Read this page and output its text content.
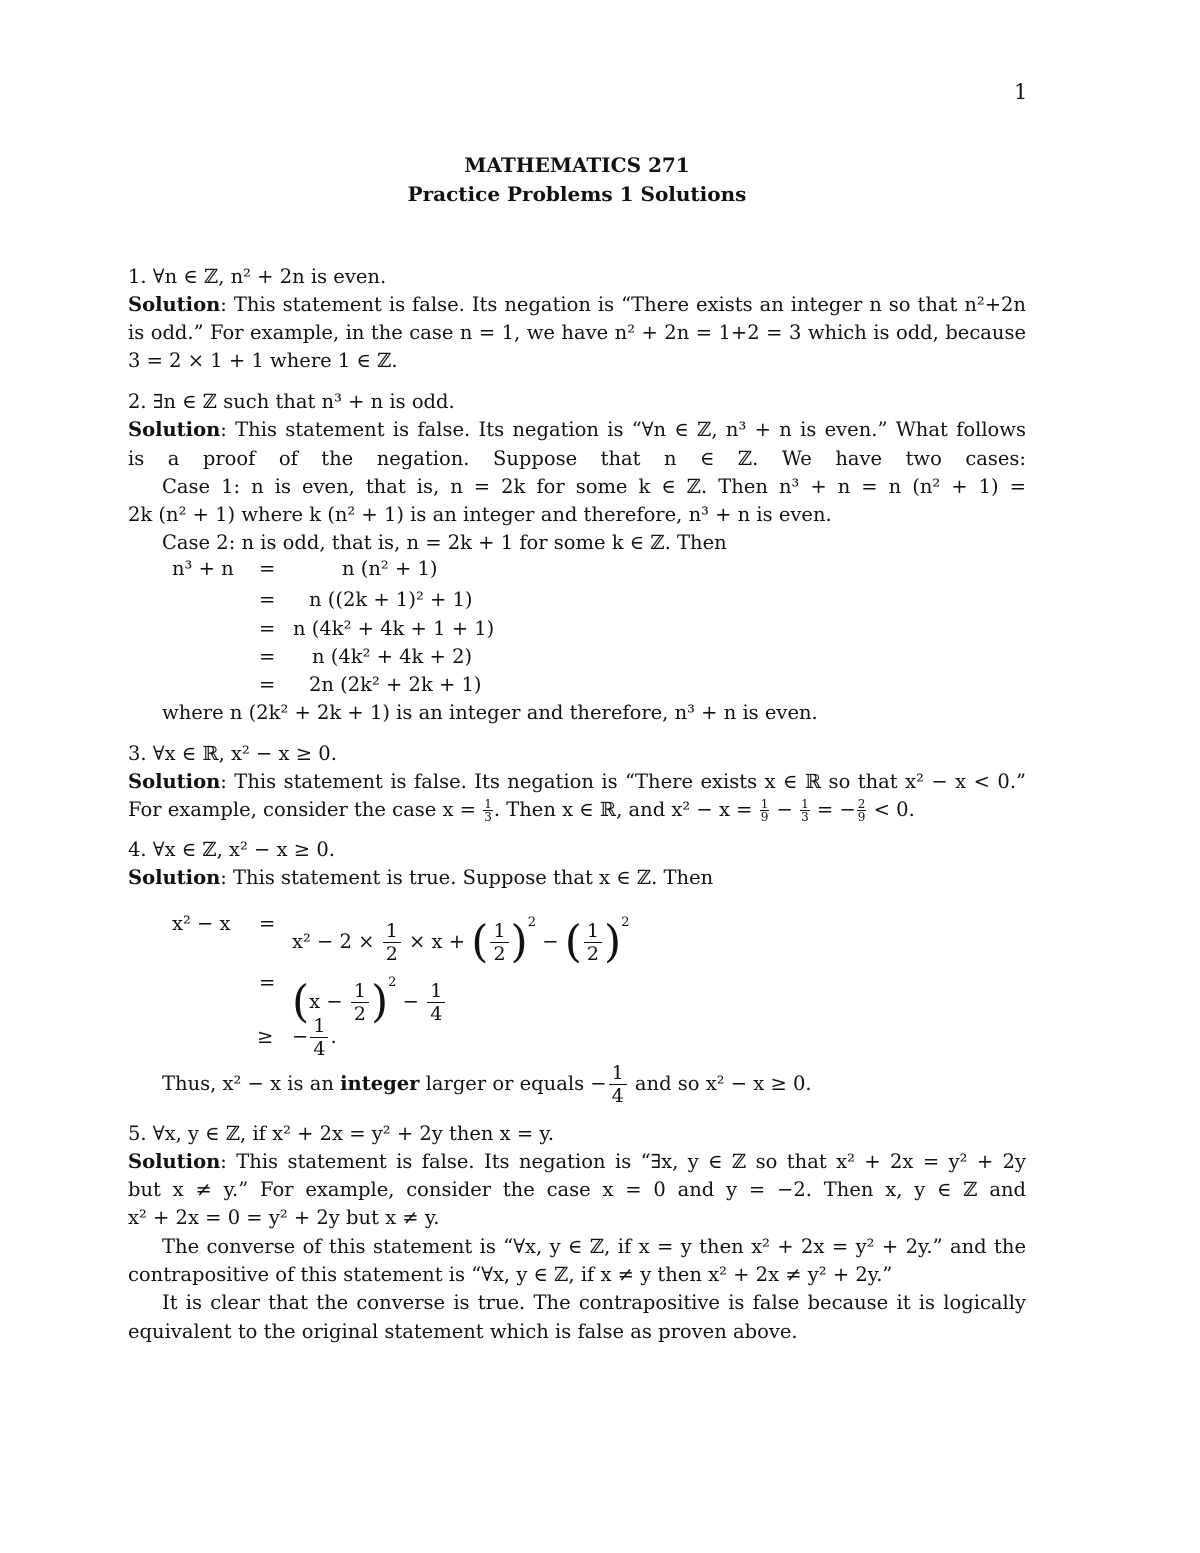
1
MATHEMATICS 271
Practice Problems 1 Solutions
1. ∀n ∈ ℤ, n² + 2n is even.
Solution: This statement is false. Its negation is “There exists an integer n so that n²+2n
is odd.” For example, in the case n = 1, we have n² + 2n = 1+2 = 3 which is odd, because
3 = 2 × 1 + 1 where 1 ∈ ℤ.
2. ∃n ∈ ℤ such that n³ + n is odd.
Solution: This statement is false. Its negation is “∀n ∈ ℤ, n³ + n is even.” What follows
is a proof of the negation. Suppose that n ∈ ℤ. We have two cases:
Case 1: n is even, that is, n = 2k for some k ∈ ℤ. Then n³ + n = n (n² + 1) =
2k (n² + 1) where k (n² + 1) is an integer and therefore, n³ + n is even.
Case 2: n is odd, that is, n = 2k + 1 for some k ∈ ℤ. Then
n³ + n =	n (n² + 1)
= n ((2k + 1)² + 1)
= n (4k² + 4k + 1 + 1)
= n (4k² + 4k + 2)
= 2n (2k² + 2k + 1)
where n (2k² + 2k + 1) is an integer and therefore, n³ + n is even.
3. ∀x ∈ ℝ, x² − x ≥ 0.
Solution: This statement is false. Its negation is “There exists x ∈ ℝ so that x² − x < 0.”
For example, consider the case $x = \frac{1}{3}$ . Then x ∈ ℝ, and $x^2 - x = \frac{1}{9} - \frac{1}{3}$ = − $\frac{2}{9} < 0$.
4. ∀x ∈ ℤ, x² − x ≥ 0.
Solution: This statement is true. Suppose that x ∈ ℤ. Then
x² − x =
$x^2 - 2 \times \frac{1}{2} \times x$ + ( $\frac{1}{2} )^2$ − ( $\frac{1}{2} )^2$
= $(x - \frac{1}{2} )^2 - \frac{1}{4}$
≥ − $\frac{1}{4}$ .
Thus, x² − x is an integer larger or equals − $\frac{1}{4}$ and so x² − x ≥ 0.
5. ∀x, y ∈ ℤ, if x² + 2x = y² + 2y then x = y.
Solution: This statement is false. Its negation is “∃x, y ∈ ℤ so that x² + 2x = y² + 2y
but x ≠ y.” For example, consider the case x = 0 and y = −2. Then x, y ∈ ℤ and
x² + 2x = 0 = y² + 2y but x ≠ y.
The converse of this statement is “∀x, y ∈ ℤ, if x = y then x² + 2x = y² + 2y.” and the
contrapositive of this statement is “∀x, y ∈ ℤ, if x ≠ y then x² + 2x ≠ y² + 2y.”
It is clear that the converse is true. The contrapositive is false because it is logically
equivalent to the original statement which is false as proven above.
